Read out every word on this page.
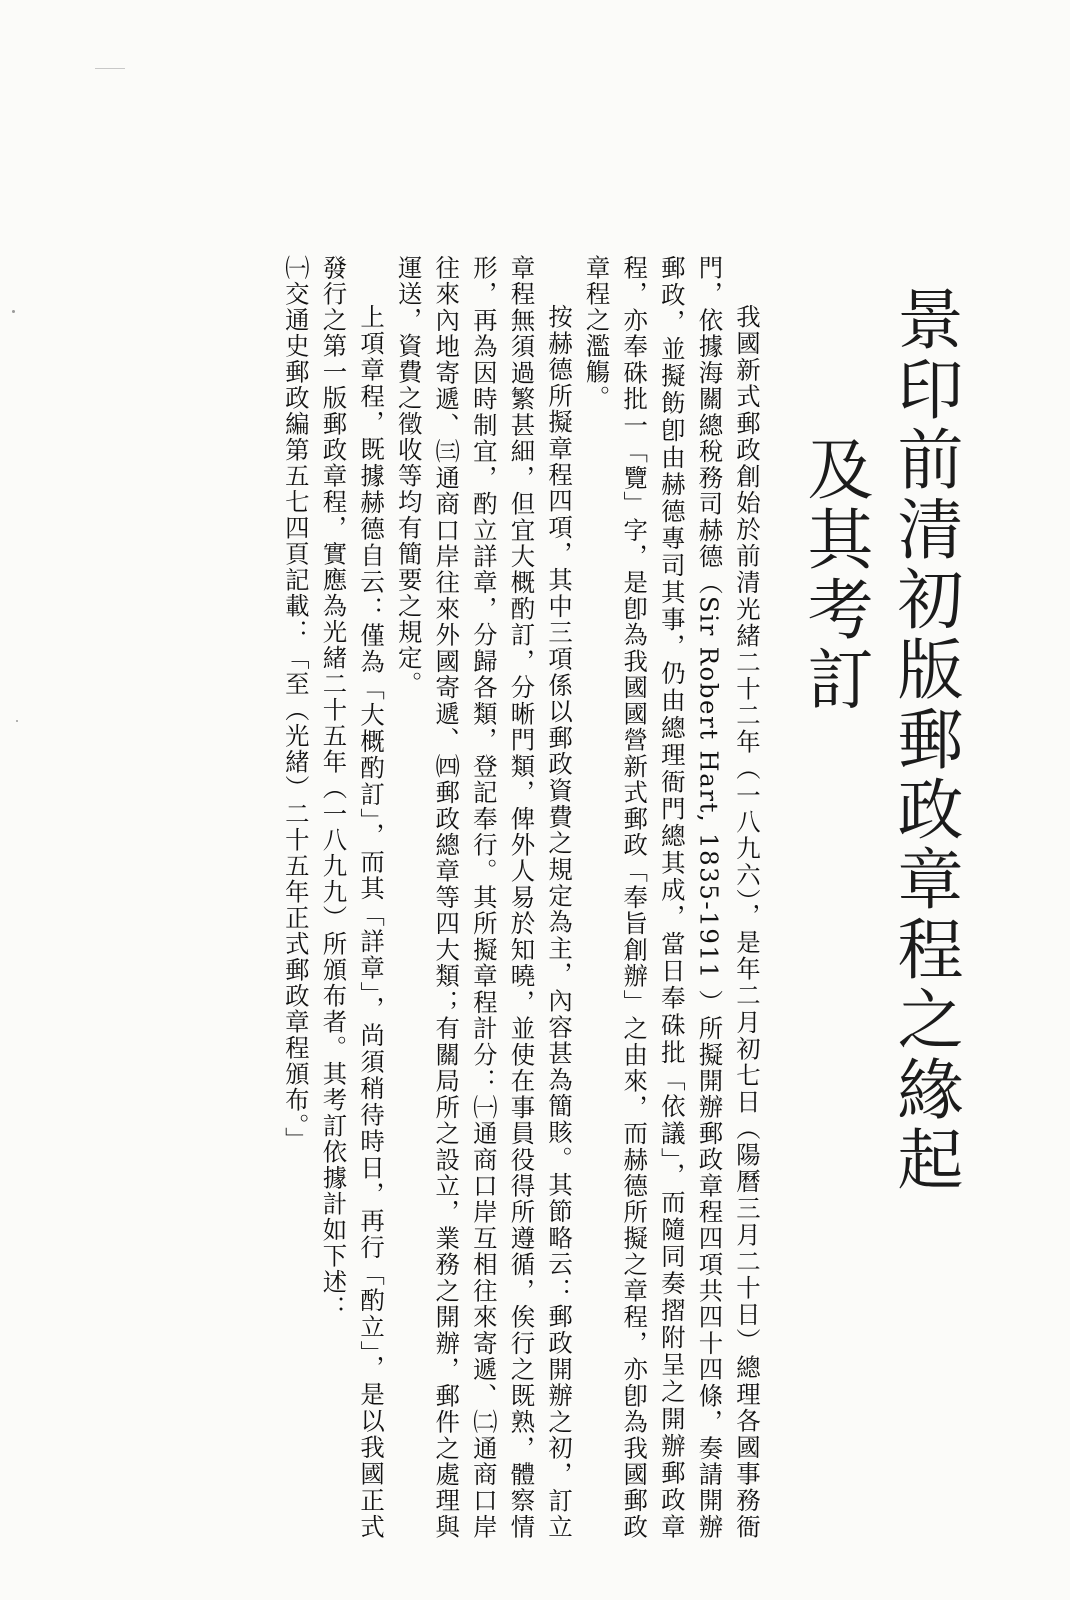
景印前清初版郵政章程之緣起
及其考訂

我國新式郵政創始於前清光緒二十二年（一八九六），是年二月初七日（陽曆三月二十日）總理各國事務衙門，依據海關總稅務司赫德（Sir Robert Hart, 1835-1911 ）所擬開辦郵政章程四項共四十四條，奏請開辦郵政，並擬飭卽由赫德專司其事，仍由總理衙門總其成，當日奉硃批「依議」，而隨同奏摺附呈之開辦郵政章程，亦奉硃批一「覽」字，是卽為我國國營新式郵政「奉旨創辦」之由來，而赫德所擬之章程，亦卽為我國郵政章程之濫觴。

按赫德所擬章程四項，其中三項係以郵政資費之規定為主，內容甚為簡賅。其節略云：郵政開辦之初，訂立章程無須過繁甚細，但宜大概酌訂，分晰門類，俾外人易於知曉，並使在事員役得所遵循，俟行之既熟，體察情形，再為因時制宜，酌立詳章，分歸各類，登記奉行。其所擬章程計分：㈠通商口岸互相往來寄遞、㈡通商口岸往來內地寄遞、㈢通商口岸往來外國寄遞、㈣郵政總章等四大類；有關局所之設立，業務之開辦，郵件之處理與運送，資費之徵收等均有簡要之規定。

上項章程，既據赫德自云：僅為「大概酌訂」，而其「詳章」，尚須稍待時日，再行「酌立」，是以我國正式發行之第一版郵政章程，實應為光緒二十五年（一八九九）所頒布者。其考訂依據計如下述：

㈠交通史郵政編第五七四頁記載：「至（光緒）二十五年正式郵政章程頒布。」
